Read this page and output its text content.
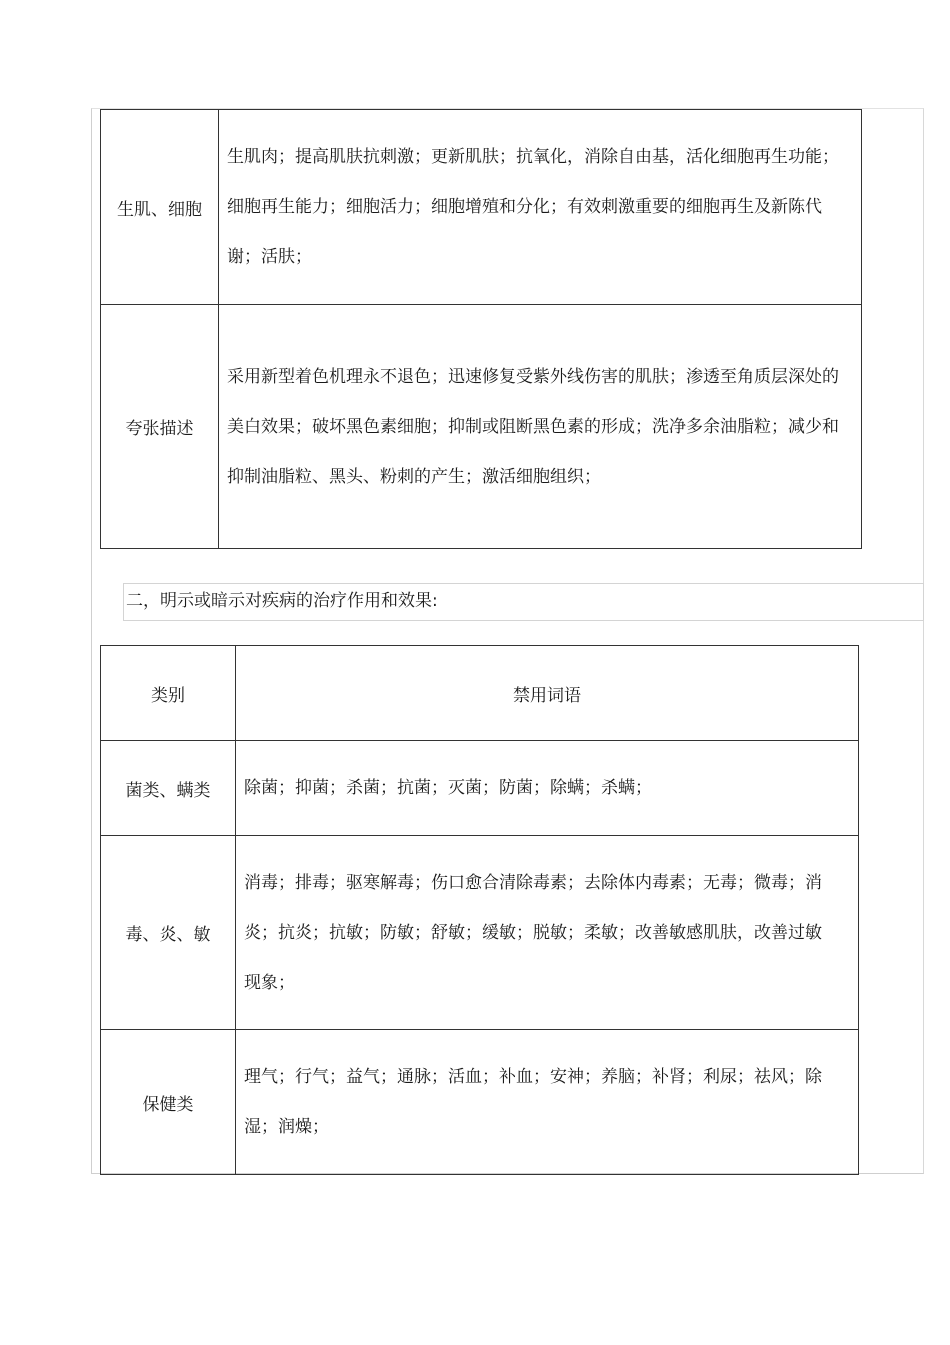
生肌、细胞	生肌肉；提高肌肤抗刺激；更新肌肤；抗氧化，消除自由基，活化细胞再生功能；细胞再生能力；细胞活力；细胞增殖和分化；有效刺激重要的细胞再生及新陈代谢；活肤；
夸张描述	采用新型着色机理永不退色；迅速修复受紫外线伤害的肌肤；渗透至角质层深处的美白效果；破坏黑色素细胞；抑制或阻断黑色素的形成；洗净多余油脂粒；减少和抑制油脂粒、黑头、粉刺的产生；激活细胞组织；
二，明示或暗示对疾病的治疗作用和效果:
类别	禁用词语
菌类、螨类	除菌；抑菌；杀菌；抗菌；灭菌；防菌；除螨；杀螨；
毒、炎、敏	消毒；排毒；驱寒解毒；伤口愈合清除毒素；去除体内毒素；无毒；微毒；消炎；抗炎；抗敏；防敏；舒敏；缓敏；脱敏；柔敏；改善敏感肌肤，改善过敏现象；
保健类	理气；行气；益气；通脉；活血；补血；安神；养脑；补肾；利尿；祛风；除湿；润燥；
